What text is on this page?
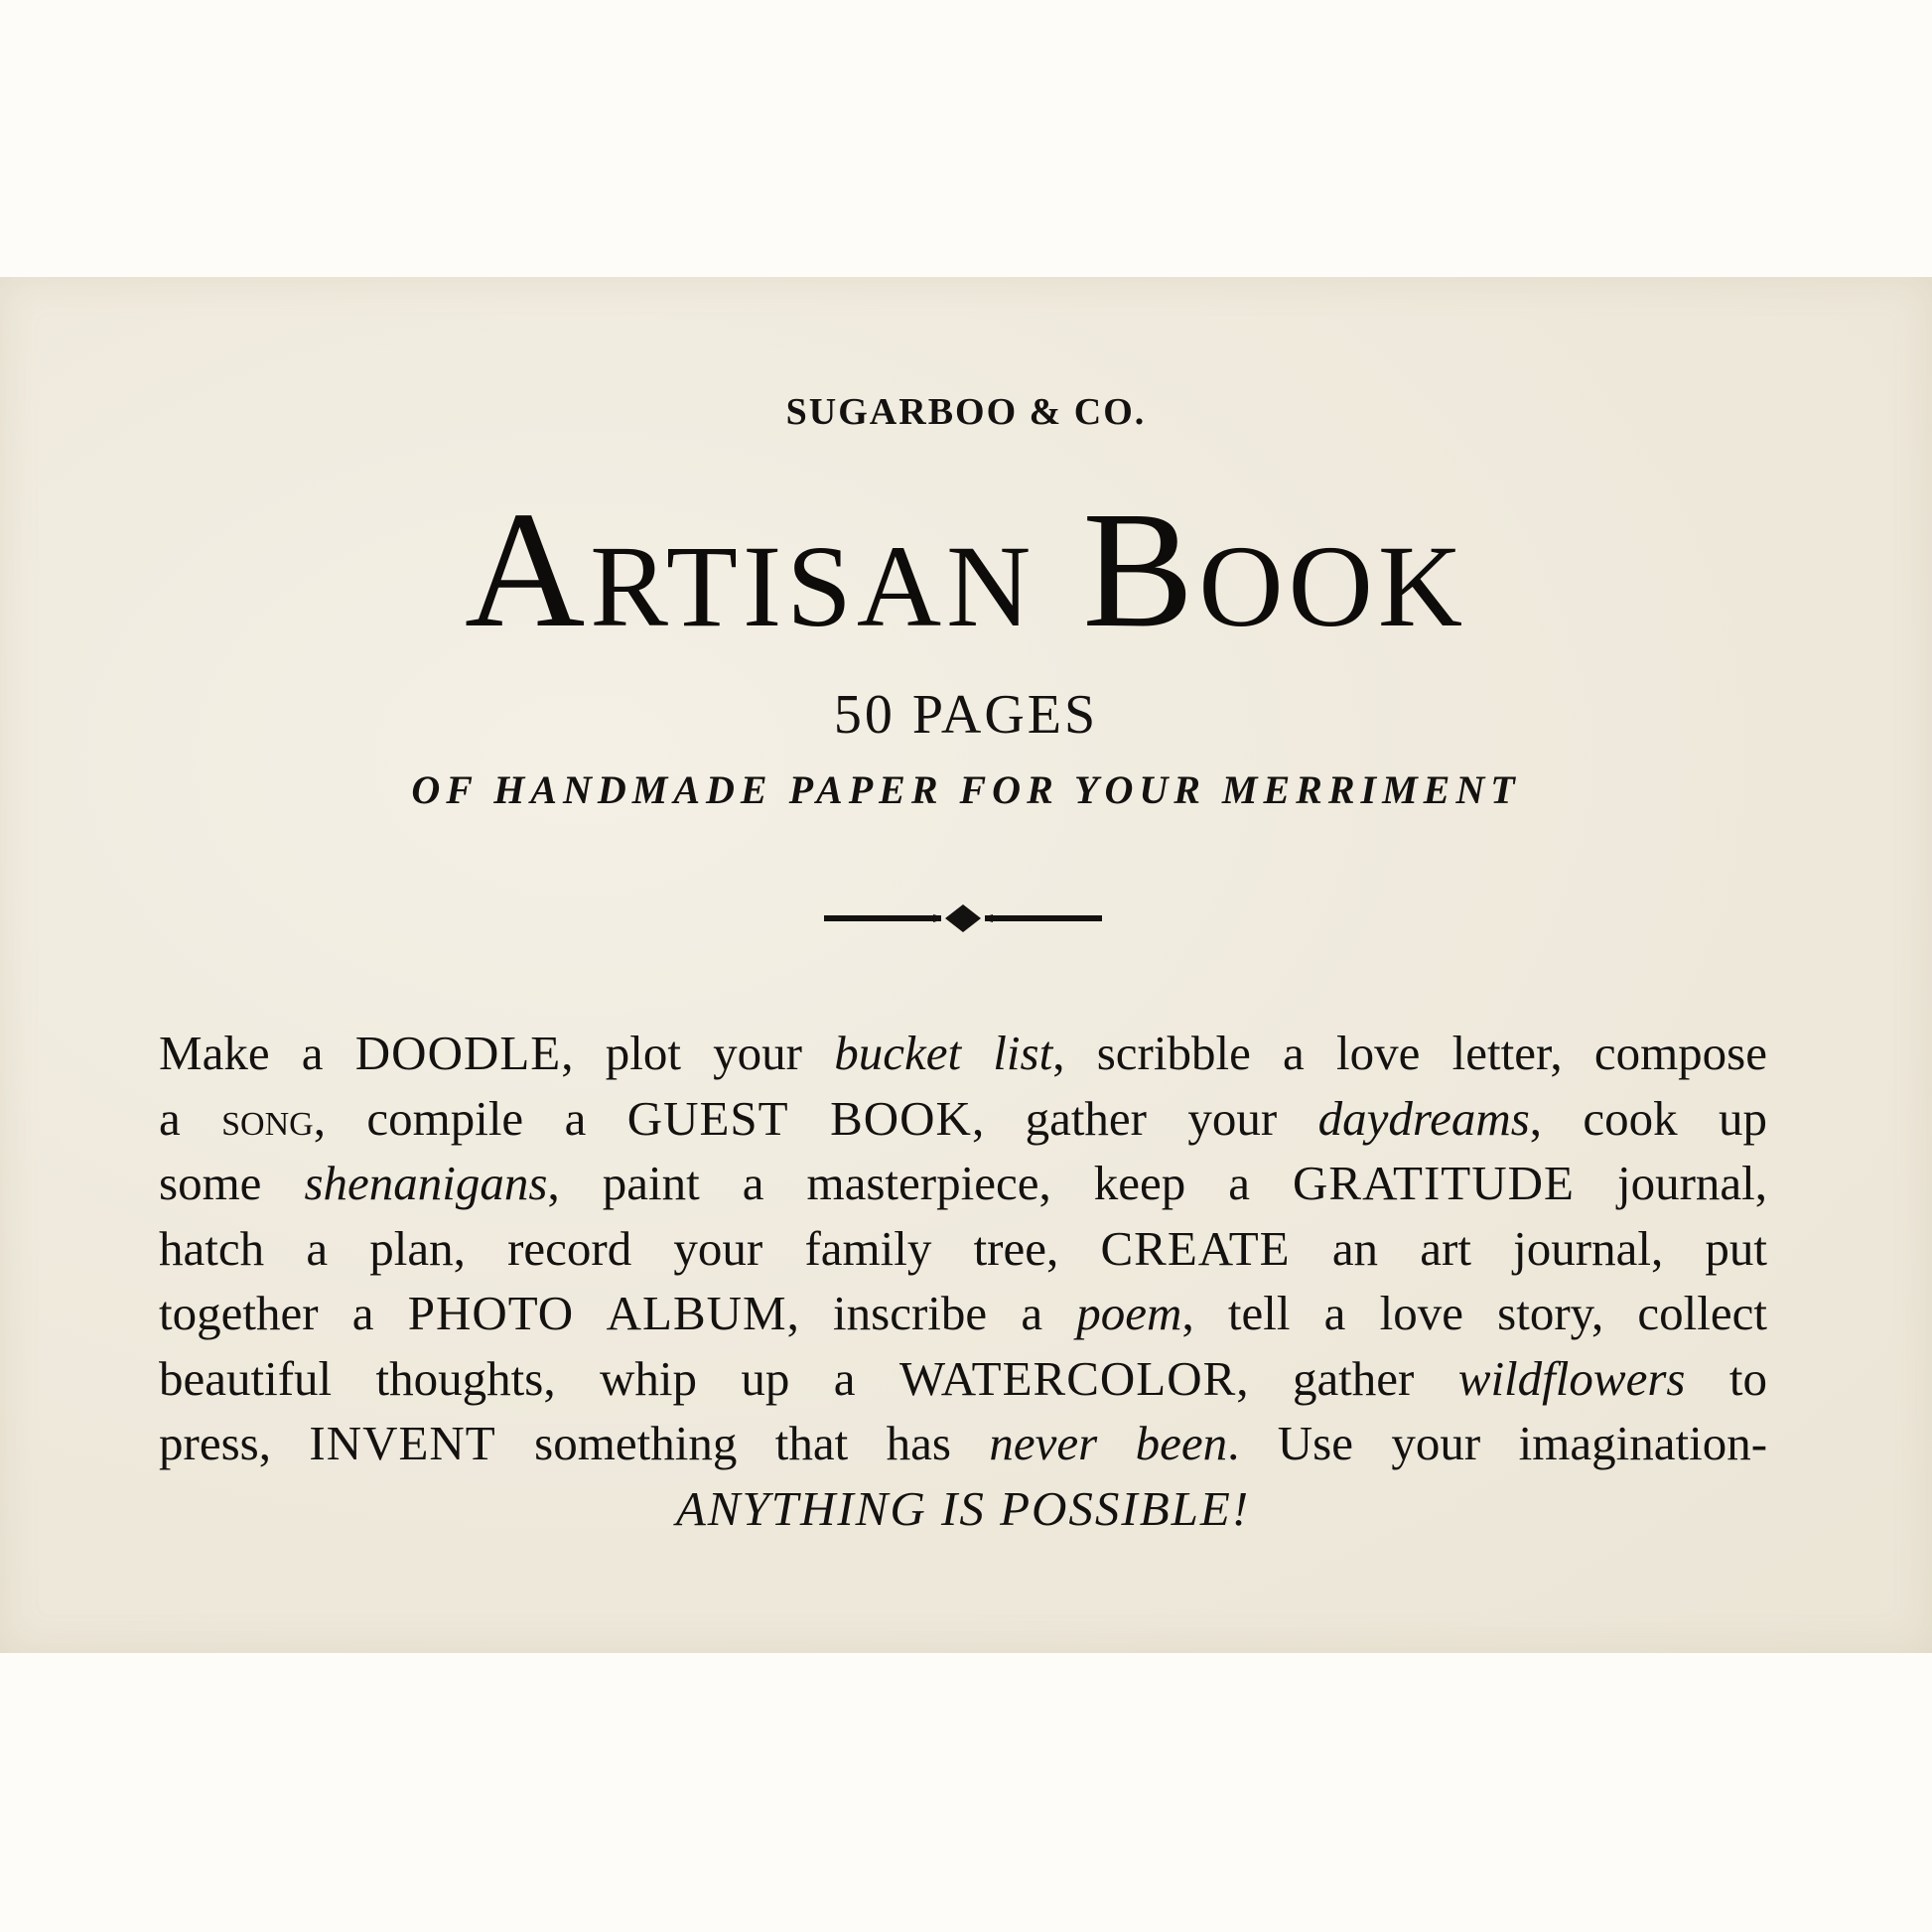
SUGARBOO & CO.
Artisan Book
50 PAGES
OF HANDMADE PAPER FOR YOUR MERRIMENT
Make a DOODLE, plot your bucket list, scribble a love letter, compose
a song, compile a GUEST BOOK, gather your daydreams, cook up
some shenanigans, paint a masterpiece, keep a GRATITUDE journal,
hatch a plan, record your family tree, CREATE an art journal, put
together a PHOTO ALBUM, inscribe a poem, tell a love story, collect
beautiful thoughts, whip up a WATERCOLOR, gather wildflowers to
press, INVENT something that has never been. Use your imagination-
ANYTHING IS POSSIBLE!
